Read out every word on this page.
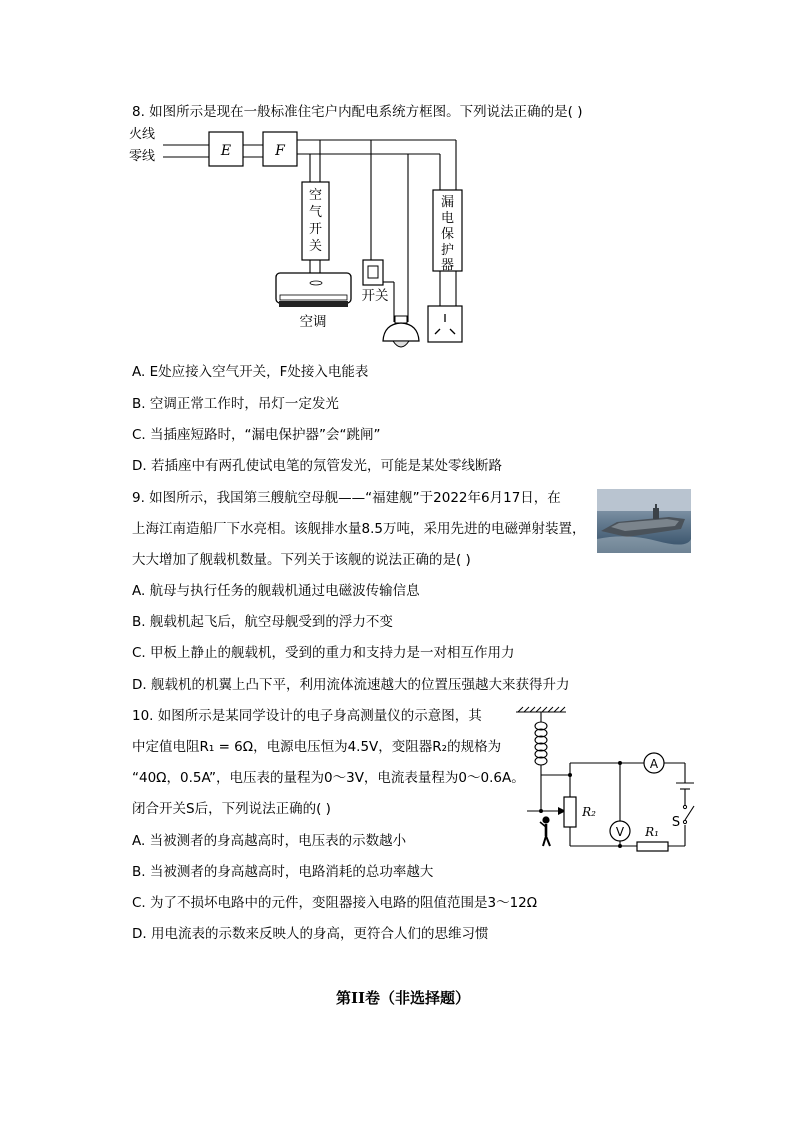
8. 如图所示是现在一般标准住宅户内配电系统方框图。下列说法正确的是( )
E	F
火线
零线
空
气
开
关
空调
开关
漏
电
保
护
器
A. E处应接入空气开关，F处接入电能表
B. 空调正常工作时，吊灯一定发光
C. 当插座短路时，“漏电保护器”会“跳闸”
D. 若插座中有两孔使试电笔的氖管发光，可能是某处零线断路
9. 如图所示，我国第三艘航空母舰——“福建舰”于2022年6月17日，在
上海江南造船厂下水亮相。该舰排水量8.5万吨，采用先进的电磁弹射装置，
大大增加了舰载机数量。下列关于该舰的说法正确的是( )
A. 航母与执行任务的舰载机通过电磁波传输信息
B. 舰载机起飞后，航空母舰受到的浮力不变
C. 甲板上静止的舰载机，受到的重力和支持力是一对相互作用力
D. 舰载机的机翼上凸下平，利用流体流速越大的位置压强越大来获得升力
10. 如图所示是某同学设计的电子身高测量仪的示意图，其
中定值电阻R₁ = 6Ω，电源电压恒为4.5V，变阻器R₂的规格为
“40Ω，0.5A”，电压表的量程为0～3V，电流表量程为0～0.6A。
闭合开关S后，下列说法正确的( )	R₂
A
V R₁
S
A. 当被测者的身高越高时，电压表的示数越小
B. 当被测者的身高越高时，电路消耗的总功率越大
C. 为了不损坏电路中的元件，变阻器接入电路的阻值范围是3～12Ω
D. 用电流表的示数来反映人的身高，更符合人们的思维习惯
第II卷（非选择题）
